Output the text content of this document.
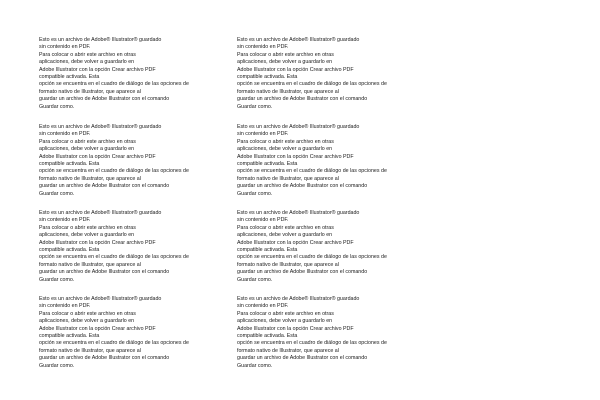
Esto es un archivo de Adobe® Illustrator® guardado
sin contenido en PDF.
Para colocar o abrir este archivo en otras
aplicaciones, debe volver a guardarlo en
Adobe Illustrator con la opción Crear archivo PDF
compatible activada. Esta
opción se encuentra en el cuadro de diálogo de las opciones de
formato nativo de Illustrator, que aparece al
guardar un archivo de Adobe Illustrator con el comando
Guardar como.
Esto es un archivo de Adobe® Illustrator® guardado
sin contenido en PDF.
Para colocar o abrir este archivo en otras
aplicaciones, debe volver a guardarlo en
Adobe Illustrator con la opción Crear archivo PDF
compatible activada. Esta
opción se encuentra en el cuadro de diálogo de las opciones de
formato nativo de Illustrator, que aparece al
guardar un archivo de Adobe Illustrator con el comando
Guardar como.
Esto es un archivo de Adobe® Illustrator® guardado
sin contenido en PDF.
Para colocar o abrir este archivo en otras
aplicaciones, debe volver a guardarlo en
Adobe Illustrator con la opción Crear archivo PDF
compatible activada. Esta
opción se encuentra en el cuadro de diálogo de las opciones de
formato nativo de Illustrator, que aparece al
guardar un archivo de Adobe Illustrator con el comando
Guardar como.
Esto es un archivo de Adobe® Illustrator® guardado
sin contenido en PDF.
Para colocar o abrir este archivo en otras
aplicaciones, debe volver a guardarlo en
Adobe Illustrator con la opción Crear archivo PDF
compatible activada. Esta
opción se encuentra en el cuadro de diálogo de las opciones de
formato nativo de Illustrator, que aparece al
guardar un archivo de Adobe Illustrator con el comando
Guardar como.
Esto es un archivo de Adobe® Illustrator® guardado
sin contenido en PDF.
Para colocar o abrir este archivo en otras
aplicaciones, debe volver a guardarlo en
Adobe Illustrator con la opción Crear archivo PDF
compatible activada. Esta
opción se encuentra en el cuadro de diálogo de las opciones de
formato nativo de Illustrator, que aparece al
guardar un archivo de Adobe Illustrator con el comando
Guardar como.
Esto es un archivo de Adobe® Illustrator® guardado
sin contenido en PDF.
Para colocar o abrir este archivo en otras
aplicaciones, debe volver a guardarlo en
Adobe Illustrator con la opción Crear archivo PDF
compatible activada. Esta
opción se encuentra en el cuadro de diálogo de las opciones de
formato nativo de Illustrator, que aparece al
guardar un archivo de Adobe Illustrator con el comando
Guardar como.
Esto es un archivo de Adobe® Illustrator® guardado
sin contenido en PDF.
Para colocar o abrir este archivo en otras
aplicaciones, debe volver a guardarlo en
Adobe Illustrator con la opción Crear archivo PDF
compatible activada. Esta
opción se encuentra en el cuadro de diálogo de las opciones de
formato nativo de Illustrator, que aparece al
guardar un archivo de Adobe Illustrator con el comando
Guardar como.
Esto es un archivo de Adobe® Illustrator® guardado
sin contenido en PDF.
Para colocar o abrir este archivo en otras
aplicaciones, debe volver a guardarlo en
Adobe Illustrator con la opción Crear archivo PDF
compatible activada. Esta
opción se encuentra en el cuadro de diálogo de las opciones de
formato nativo de Illustrator, que aparece al
guardar un archivo de Adobe Illustrator con el comando
Guardar como.
